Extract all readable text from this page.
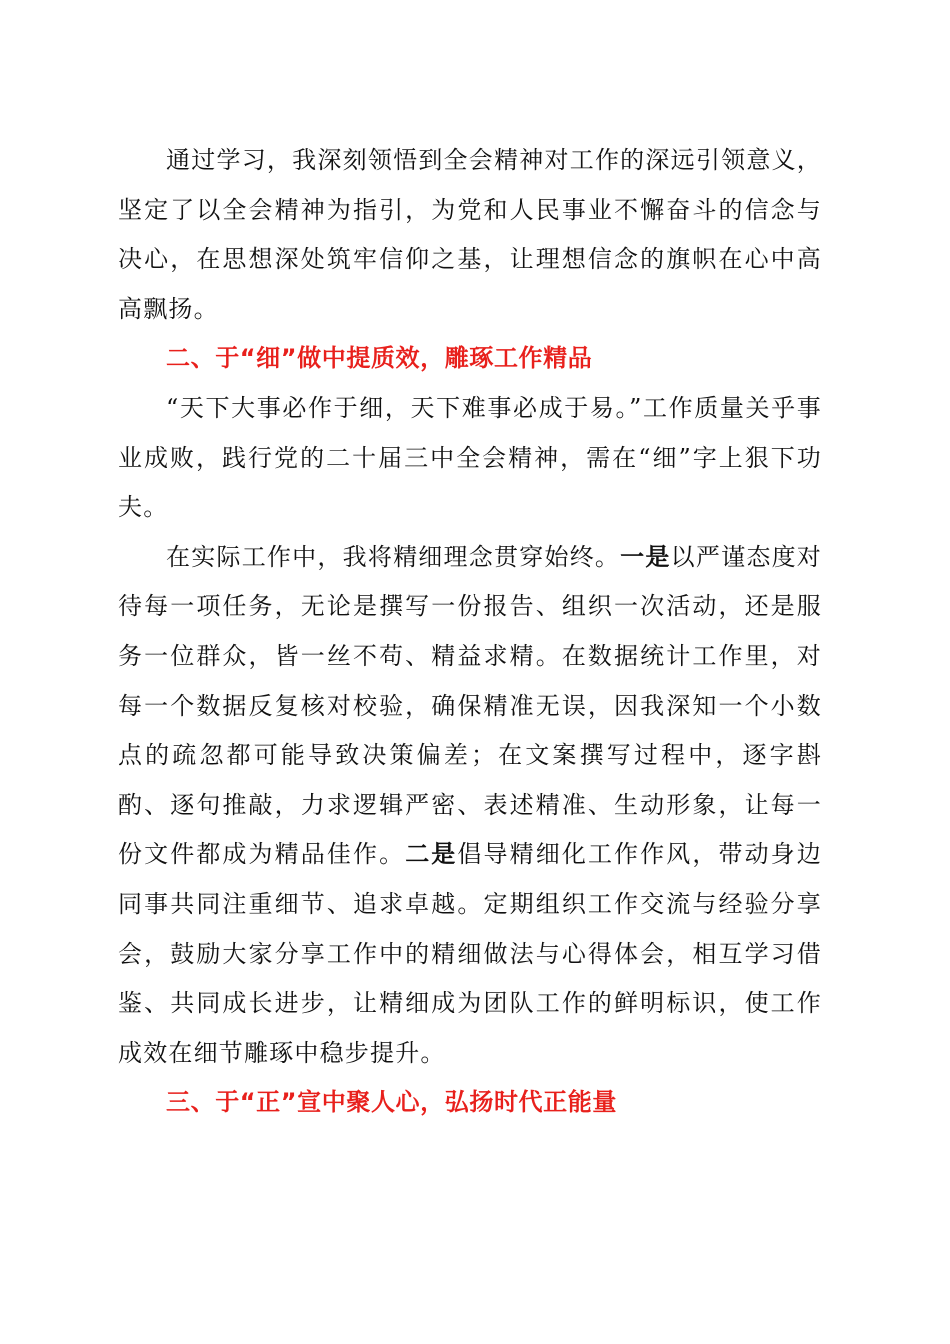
通过学习，我深刻领悟到全会精神对工作的深远引领意义，坚定了以全会精神为指引，为党和人民事业不懈奋斗的信念与决心，在思想深处筑牢信仰之基，让理想信念的旗帜在心中高高飘扬。

二、于“细”做中提质效，雕琢工作精品

“天下大事必作于细，天下难事必成于易。”工作质量关乎事业成败，践行党的二十届三中全会精神，需在“细”字上狠下功夫。

在实际工作中，我将精细理念贯穿始终。一是以严谨态度对待每一项任务，无论是撰写一份报告、组织一次活动，还是服务一位群众，皆一丝不苟、精益求精。在数据统计工作里，对每一个数据反复核对校验，确保精准无误，因我深知一个小数点的疏忽都可能导致决策偏差；在文案撰写过程中，逐字斟酌、逐句推敲，力求逻辑严密、表述精准、生动形象，让每一份文件都成为精品佳作。二是倡导精细化工作作风，带动身边同事共同注重细节、追求卓越。定期组织工作交流与经验分享会，鼓励大家分享工作中的精细做法与心得体会，相互学习借鉴、共同成长进步，让精细成为团队工作的鲜明标识，使工作成效在细节雕琢中稳步提升。

三、于“正”宣中聚人心，弘扬时代正能量
